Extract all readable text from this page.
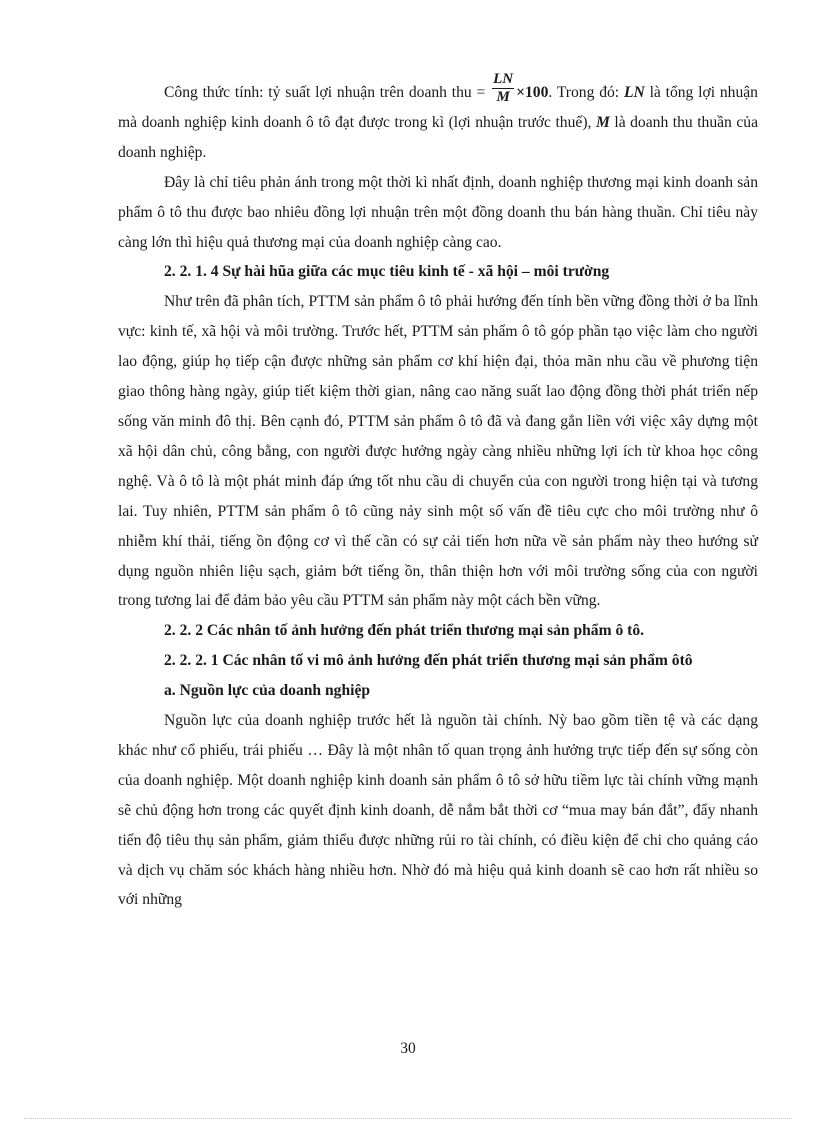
Công thức tính: tỷ suất lợi nhuận trên doanh thu = $\frac{LN}{M} \times 100$. Trong đó: LN là tổng lợi nhuận mà doanh nghiệp kinh doanh ô tô đạt được trong kì (lợi nhuận trước thuế), M là doanh thu thuần của doanh nghiệp.

Đây là chỉ tiêu phản ánh trong một thời kì nhất định, doanh nghiệp thương mại kinh doanh sản phẩm ô tô thu được bao nhiêu đồng lợi nhuận trên một đồng doanh thu bán hàng thuần. Chỉ tiêu này càng lớn thì hiệu quả thương mại của doanh nghiệp càng cao.

2. 2. 1. 4 Sự hài hũa giữa các mục tiêu kinh tế - xã hội – môi trường

Như trên đã phân tích, PTTM sản phẩm ô tô phải hướng đến tính bền vững đồng thời ở ba lĩnh vực: kinh tế, xã hội và môi trường. Trước hết, PTTM sản phẩm ô tô góp phần tạo việc làm cho người lao động, giúp họ tiếp cận được những sản phẩm cơ khí hiện đại, thỏa mãn nhu cầu về phương tiện giao thông hàng ngày, giúp tiết kiệm thời gian, nâng cao năng suất lao động đồng thời phát triển nếp sống văn minh đô thị. Bên cạnh đó, PTTM sản phẩm ô tô đã và đang gắn liền với việc xây dựng một xã hội dân chủ, công bằng, con người được hưởng ngày càng nhiều những lợi ích từ khoa học công nghệ. Và ô tô là một phát minh đáp ứng tốt nhu cầu di chuyển của con người trong hiện tại và tương lai. Tuy nhiên, PTTM sản phẩm ô tô cũng nảy sinh một số vấn đề tiêu cực cho môi trường như ô nhiễm khí thải, tiếng ồn động cơ vì thế cần có sự cải tiến hơn nữa về sản phẩm này theo hướng sử dụng nguồn nhiên liệu sạch, giảm bớt tiếng ồn, thân thiện hơn với môi trường sống của con người trong tương lai để đảm bảo yêu cầu PTTM sản phẩm này một cách bền vững.

2. 2. 2 Các nhân tố ảnh hưởng đến phát triển thương mại sản phẩm ô tô.

2. 2. 2. 1 Các nhân tố vi mô ảnh hưởng đến phát triển thương mại sản phẩm ôtô

a. Nguồn lực của doanh nghiệp

Nguồn lực của doanh nghiệp trước hết là nguồn tài chính. Nỳ bao gồm tiền tệ và các dạng khác như cổ phiếu, trái phiếu … Đây là một nhân tố quan trọng ảnh hưởng trực tiếp đến sự sống còn của doanh nghiệp. Một doanh nghiệp kinh doanh sản phẩm ô tô sở hữu tiềm lực tài chính vững mạnh sẽ chủ động hơn trong các quyết định kinh doanh, dễ nắm bắt thời cơ “mua may bán đắt”, đẩy nhanh tiến độ tiêu thụ sản phẩm, giảm thiểu được những rủi ro tài chính, có điều kiện để chi cho quảng cáo và dịch vụ chăm sóc khách hàng nhiều hơn. Nhờ đó mà hiệu quả kinh doanh sẽ cao hơn rất nhiều so với những

30
